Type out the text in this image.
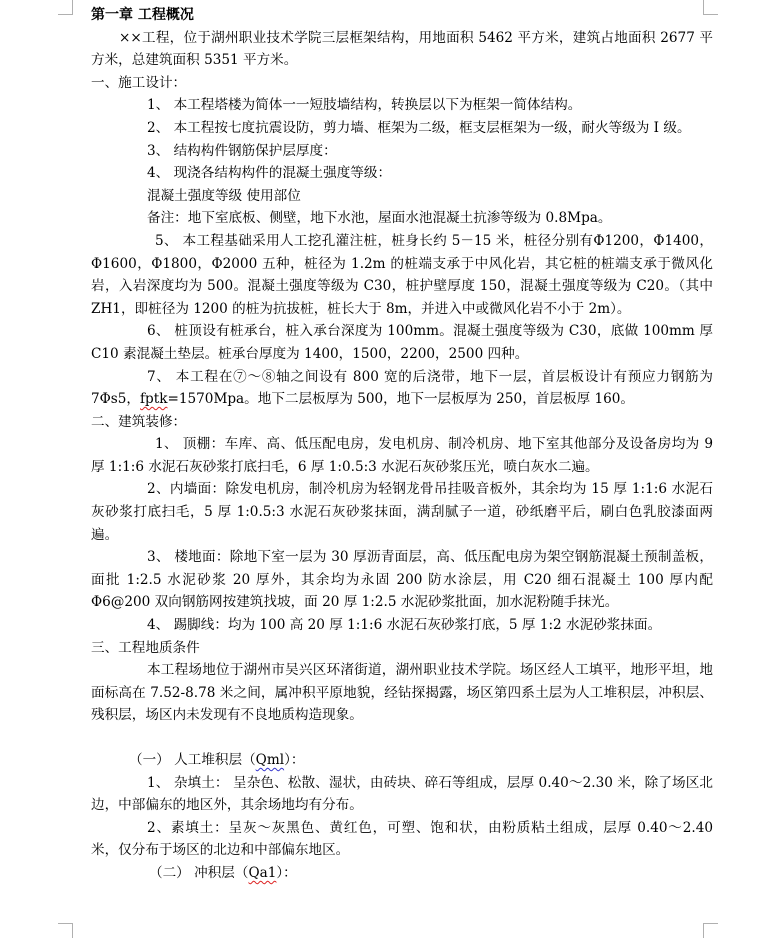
第一章 工程概况

××工程，位于湖州职业技术学院三层框架结构，用地面积 5462 平方米，建筑占地面积 2677 平方米，总建筑面积 5351 平方米。

一、施工设计：

1、 本工程塔楼为简体一一短肢墙结构，转换层以下为框架一简体结构。

2、 本工程按七度抗震设防，剪力墙、框架为二级，框支层框架为一级，耐火等级为 I 级。

3、 结构构件钢筋保护层厚度：

4、 现浇各结构构件的混凝土强度等级：

混凝土强度等级 使用部位

备注：地下室底板、侧壁，地下水池，屋面水池混凝土抗渗等级为 0.8Mpa。

5、 本工程基础采用人工挖孔灌注桩，桩身长约 5－15 米，桩径分别有Φ1200，Φ1400，Φ1600，Φ1800，Φ2000 五种，桩径为 1.2m 的桩端支承于中风化岩，其它桩的桩端支承于微风化岩，入岩深度均为 500。混凝土强度等级为 C30，桩护壁厚度 150，混凝土强度等级为 C20。（其中 ZH1，即桩径为 1200 的桩为抗拔桩，桩长大于 8m，并进入中或微风化岩不小于 2m）。

6、 桩顶设有桩承台，桩入承台深度为 100mm。混凝土强度等级为 C30，底做 100mm 厚 C10 素混凝土垫层。桩承台厚度为 1400，1500，2200，2500 四种。

7、 本工程在⑦～⑧轴之间设有 800 宽的后浇带，地下一层，首层板设计有预应力钢筋为 7Φs5，fptk=1570Mpa。地下二层板厚为 500，地下一层板厚为 250，首层板厚 160。

二、建筑装修：

1、 顶棚：车库、高、低压配电房，发电机房、制冷机房、地下室其他部分及设备房均为 9 厚 1:1:6 水泥石灰砂浆打底扫毛，6 厚 1:0.5:3 水泥石灰砂浆压光，喷白灰水二遍。

2、内墙面：除发电机房，制冷机房为轻钢龙骨吊挂吸音板外，其余均为 15 厚 1:1:6 水泥石灰砂浆打底扫毛，5 厚 1:0.5:3 水泥石灰砂浆抹面，满刮腻子一道，砂纸磨平后，刷白色乳胶漆面两遍。

3、 楼地面：除地下室一层为 30 厚沥青面层，高、低压配电房为架空钢筋混凝土预制盖板，面批 1:2.5 水泥砂浆 20 厚外，其余均为永固 200 防水涂层，用 C20 细石混凝土 100 厚内配Φ6@200 双向钢筋网按建筑找坡，面 20 厚 1:2.5 水泥砂浆批面，加水泥粉随手抹光。

4、 踢脚线：均为 100 高 20 厚 1:1:6 水泥石灰砂浆打底，5 厚 1:2 水泥砂浆抹面。

三、工程地质条件

本工程场地位于湖州市吴兴区环渚街道，湖州职业技术学院。场区经人工填平，地形平坦，地面标高在 7.52-8.78 米之间，属冲积平原地貌，经钻探揭露，场区第四系土层为人工堆积层，冲积层、残积层，场区内未发现有不良地质构造现象。

（一） 人工堆积层（Qml）：

1、 杂填土： 呈杂色、松散、湿状，由砖块、碎石等组成，层厚 0.40～2.30 米，除了场区北边，中部偏东的地区外，其余场地均有分布。

2、素填土：呈灰～灰黑色、黄红色，可塑、饱和状，由粉质粘土组成，层厚 0.40～2.40 米，仅分布于场区的北边和中部偏东地区。

（二） 冲积层（Qa1）：
